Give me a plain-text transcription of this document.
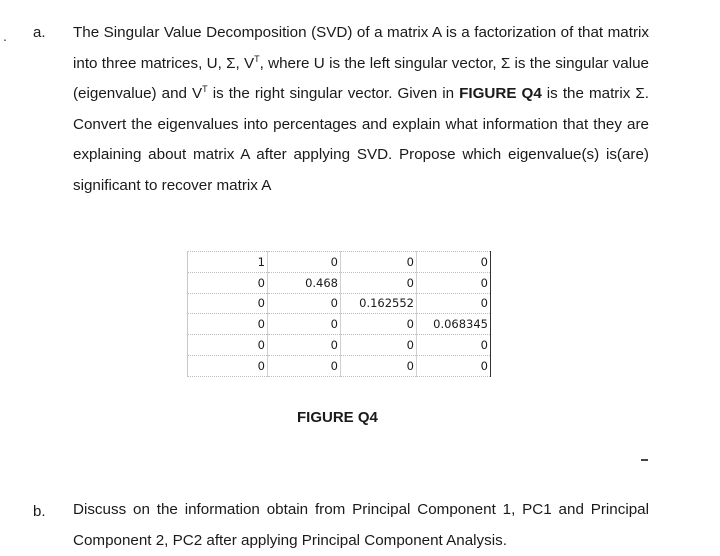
. a. The Singular Value Decomposition (SVD) of a matrix A is a factorization of that matrix into three matrices, U, Σ, $V^T$, where U is the left singular vector, Σ is the singular value (eigenvalue) and $V^T$ is the right singular vector. Given in FIGURE Q4 is the matrix Σ. Convert the eigenvalues into percentages and explain what information that they are explaining about matrix A after applying SVD. Propose which eigenvalue(s) is(are) significant to recover matrix A
1	0	0	0
0	0.468	0	0
0	0	0.162552	0
0	0	0	0.068345
0	0	0	0
0	0	0	0
FIGURE Q4
b. Discuss on the information obtain from Principal Component 1, PC1 and Principal Component 2, PC2 after applying Principal Component Analysis.
